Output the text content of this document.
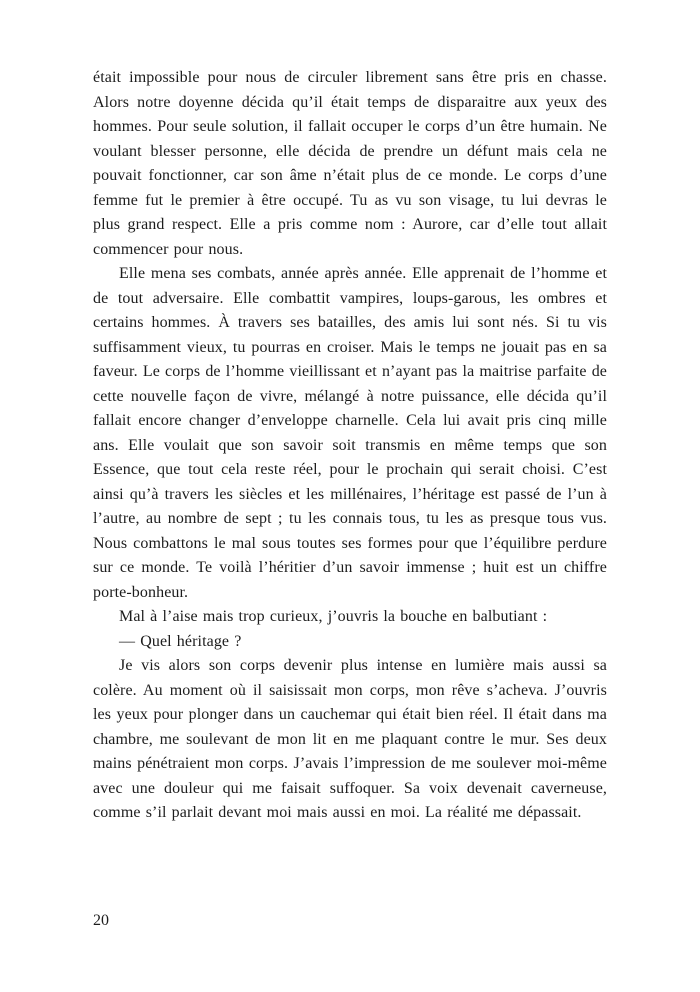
était impossible pour nous de circuler librement sans être pris en chasse. Alors notre doyenne décida qu’il était temps de disparaitre aux yeux des hommes. Pour seule solution, il fallait occuper le corps d’un être humain. Ne voulant blesser personne, elle décida de prendre un défunt mais cela ne pouvait fonctionner, car son âme n’était plus de ce monde. Le corps d’une femme fut le premier à être occupé. Tu as vu son visage, tu lui devras le plus grand respect. Elle a pris comme nom : Aurore, car d’elle tout allait commencer pour nous.

Elle mena ses combats, année après année. Elle apprenait de l’homme et de tout adversaire. Elle combattit vampires, loups-garous, les ombres et certains hommes. À travers ses batailles, des amis lui sont nés. Si tu vis suffisamment vieux, tu pourras en croiser. Mais le temps ne jouait pas en sa faveur. Le corps de l’homme vieillissant et n’ayant pas la maitrise parfaite de cette nouvelle façon de vivre, mélangé à notre puissance, elle décida qu’il fallait encore changer d’enveloppe charnelle. Cela lui avait pris cinq mille ans. Elle voulait que son savoir soit transmis en même temps que son Essence, que tout cela reste réel, pour le prochain qui serait choisi. C’est ainsi qu’à travers les siècles et les millénaires, l’héritage est passé de l’un à l’autre, au nombre de sept ; tu les connais tous, tu les as presque tous vus. Nous combattons le mal sous toutes ses formes pour que l’équilibre perdure sur ce monde. Te voilà l’héritier d’un savoir immense ; huit est un chiffre porte-bonheur.

Mal à l’aise mais trop curieux, j’ouvris la bouche en balbutiant :

— Quel héritage ?

Je vis alors son corps devenir plus intense en lumière mais aussi sa colère. Au moment où il saisissait mon corps, mon rêve s’acheva. J’ouvris les yeux pour plonger dans un cauchemar qui était bien réel. Il était dans ma chambre, me soulevant de mon lit en me plaquant contre le mur. Ses deux mains pénétraient mon corps. J’avais l’impression de me soulever moi-même avec une douleur qui me faisait suffoquer. Sa voix devenait caverneuse, comme s’il parlait devant moi mais aussi en moi. La réalité me dépassait.

20
